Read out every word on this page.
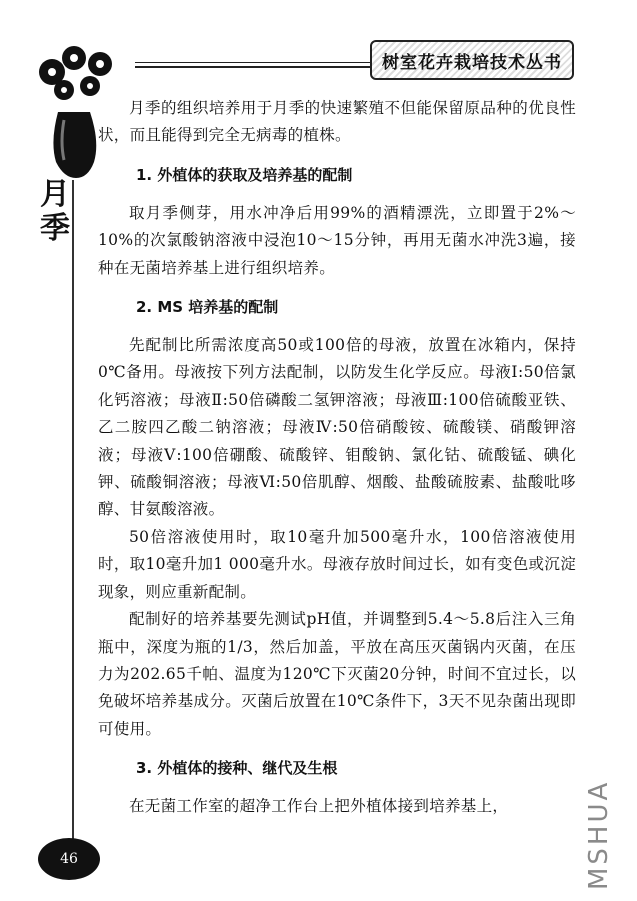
树室花卉栽培技术丛书
月
季

月季的组织培养用于月季的快速繁殖不但能保留原品种的优良性状，而且能得到完全无病毒的植株。

1. 外植体的获取及培养基的配制

取月季侧芽，用水冲净后用99%的酒精漂洗，立即置于2%～10%的次氯酸钠溶液中浸泡10～15分钟，再用无菌水冲洗3遍，接种在无菌培养基上进行组织培养。

2. MS 培养基的配制

先配制比所需浓度高50或100倍的母液，放置在冰箱内，保持0℃备用。母液按下列方法配制，以防发生化学反应。母液Ⅰ:50倍氯化钙溶液；母液Ⅱ:50倍磷酸二氢钾溶液；母液Ⅲ:100倍硫酸亚铁、乙二胺四乙酸二钠溶液；母液Ⅳ:50倍硝酸铵、硫酸镁、硝酸钾溶液；母液Ⅴ:100倍硼酸、硫酸锌、钼酸钠、氯化钴、硫酸锰、碘化钾、硫酸铜溶液；母液Ⅵ:50倍肌醇、烟酸、盐酸硫胺素、盐酸吡哆醇、甘氨酸溶液。

50倍溶液使用时，取10毫升加500毫升水，100倍溶液使用时，取10毫升加1 000毫升水。母液存放时间过长，如有变色或沉淀现象，则应重新配制。

配制好的培养基要先测试pH值，并调整到5.4～5.8后注入三角瓶中，深度为瓶的1/3，然后加盖，平放在高压灭菌锅内灭菌，在压力为202.65千帕、温度为120℃下灭菌20分钟，时间不宜过长，以免破坏培养基成分。灭菌后放置在10℃条件下，3天不见杂菌出现即可使用。

3. 外植体的接种、继代及生根

在无菌工作室的超净工作台上把外植体接到培养基上，

46	MSHUA
